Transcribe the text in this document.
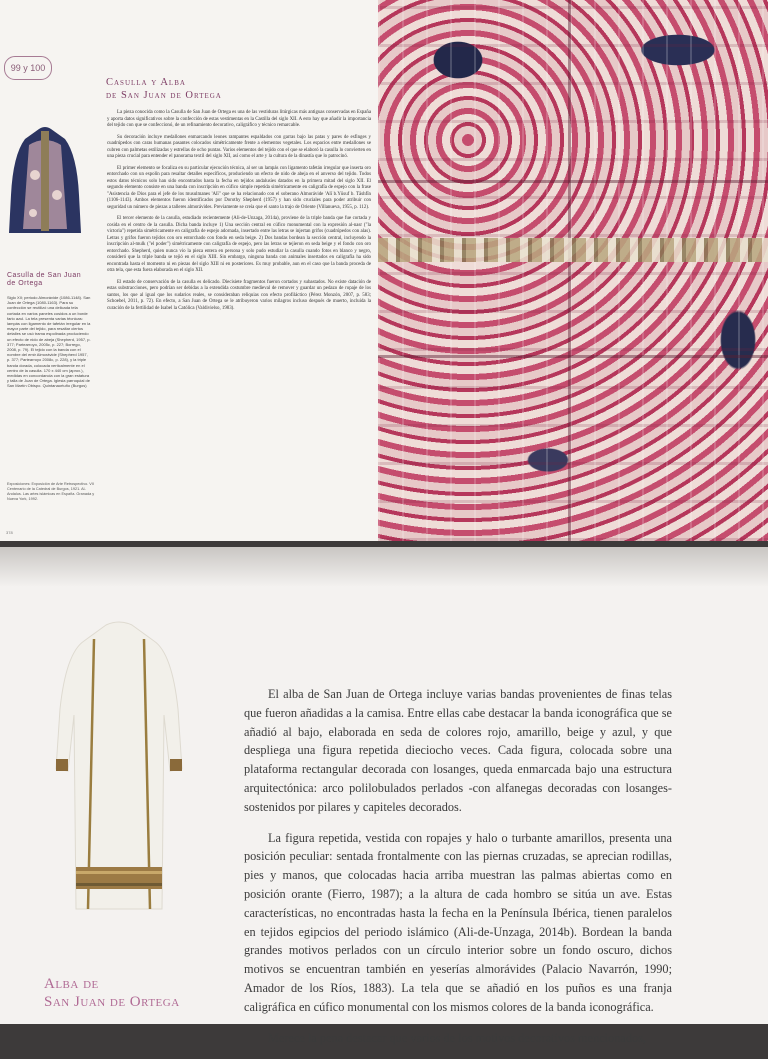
99 y 100
Casulla y Alba
de San Juan de Ortega
Casulla de San Juan de Ortega
Siglo XII; periodo Almorávide (1086-1148). San Juan de Ortega (1080-1163). Para su confección se reutilizó una delicada tela cortada en varios paneles cosidos a un borde fario azul. La tela presenta varias técnicas: lampás con ligamento de tafetán irregular en la mayor parte del tejido, para resaltar ciertos detalles se usó trama espolinada produciendo un efecto de nido de abeja (Shepherd, 1957, p. 377; Partearroyo, 2005c, p. 227; Borrego, 2008, p. 79). El tejido con la banda con el nombre del emir Almorávide (Shepherd 1957, p. 377; Partearroyo 2008c, p. 228), y la triple banda dorada, colocada verticalmente en el centro de la casulla. 170 x 440 cm (aprox.), medidas en concordancia con la gran estatura y talla de Juan de Ortega. Iglesia parroquial de San Martín Obispo. Quintanaortuño (Burgos)
Exposiciones: Exposición de Arte Retrospectivo. VII Centenario de la Catedral de Burgos, 1921. Al-Andalus. Las artes islámicas en España. Granada y Nueva York, 1992.

La pieza conocida como la Casulla de San Juan de Ortega es una de las vestiduras litúrgicas más antiguas conservadas en España y aporta datos significativos sobre la confección de estas vestimentas en la Castilla del siglo XII. A esto hay que añadir la importancia del tejido con que se confeccionó, de un refinamiento decorativo, caligráfico y técnico remarcable.

Su decoración incluye medallones enmarcando leones rampantes espaldados con garras bajo las patas y pares de esfinges y cuadrúpedos con caras humanas pasantes colocados simétricamente frente a elementos vegetales. Los espacios entre medallones se cubren con palmetas estilizadas y estrellas de ocho puntas. Varios elementos del tejido con el que se elaboró la casulla lo convierten en una pieza crucial para entender el panorama textil del siglo XII, así como el arte y la cultura de la dinastía que lo patrocinó.

El primer elemento se focaliza en su particular ejecución técnica, al ser un lampás con ligamento tafetán irregular que inserta oro entorchado con un espolín para resaltar detalles específicos, produciendo un efecto de nido de abeja en el anverso del tejido. Todos estos datos técnicos solo han sido encontrados hasta la fecha en tejidos andalusíes datados en la primera mitad del siglo XII. El segundo elemento consiste en una banda con inscripción en cúfico simple repetida simétricamente en caligrafía de espejo con la frase "Asistencia de Dios para el jefe de los musulmanes 'Alī" que se ha relacionado con el soberano Almorávide 'Alī b.Yūsuf b. Tāshfīn (1106-1143). Ambos elementos fueron identificados por Dorothy Shepherd (1957) y han sido cruciales para poder atribuir con seguridad un número de piezas a talleres almorávides. Previamente se creía que el santo la trajo de Oriente (Villanueva, 1955, p. 112).

El tercer elemento de la casulla, estudiado recientemente (Ali-de-Unzaga, 2014a), proviene de la triple banda que fue cortada y cosida en el centro de la casulla. Dicha banda incluye 1) Una sección central en cúfico monumental con la expresión al-nasr ("la victoria") repetida simétricamente en caligrafía de espejo adornada, insertado entre las letras se injertan grifos (cuadrúpedos con alas). Letras y grifos fueron tejidos con oro entorchado con fondo en seda beige. 2) Dos bandas bordean la sección central, incluyendo la inscripción al-mulk ("el poder") simétricamente con caligrafía de espejo, pero las letras se tejieron en seda beige y el fondo con oro entorchado. Shepherd, quien nunca vio la pieza entera en persona y solo pudo estudiar la casulla cuando fotos en blanco y negro, consideró que la triple banda se tejió en el siglo XIII. Sin embargo, ninguna banda con animales insertados en caligrafía ha sido encontrada hasta el momento ni en piezas del siglo XIII ni en posteriores. Es muy probable, aun en el caso que la banda proceda de otra tela, que esta fuera elaborada en el siglo XII.

El estado de conservación de la casulla es delicado. Diecisiete fragmentos fueron cortados y subastados. No existe datación de estas substracciones, pero podrían ser debidas a la extendida costumbre medieval de remover y guardar un pedazo de ropaje de los santos, los que al igual que los sudarios reales, se consideraban reliquias con efecto profiláctico (Pérez Monzón, 2007, p. 583; Schoebel, 2011, p. 72). En efecto, a San Juan de Ortega se le atribuyeron varios milagros incluso después de muerto, incluida la curación de la fertilidad de Isabel la Católica (Valdivielso, 1983).

378
Alba de
San Juan de Ortega

El alba de San Juan de Ortega incluye varias bandas provenientes de finas telas que fueron añadidas a la camisa. Entre ellas cabe destacar la banda iconográfica que se añadió al bajo, elaborada en seda de colores rojo, amarillo, beige y azul, y que despliega una figura repetida dieciocho veces. Cada figura, colocada sobre una plataforma rectangular decorada con losanges, queda enmarcada bajo una estructura arquitectónica: arco polilobulados perlados -con alfanegas decoradas con losanges- sostenidos por pilares y capiteles decorados.

La figura repetida, vestida con ropajes y halo o turbante amarillos, presenta una posición peculiar: sentada frontalmente con las piernas cruzadas, se aprecian rodillas, pies y manos, que colocadas hacia arriba muestran las palmas abiertas como en posición orante (Fierro, 1987); a la altura de cada hombro se sitúa un ave. Estas características, no encontradas hasta la fecha en la Península Ibérica, tienen paralelos en tejidos egipcios del periodo islámico (Ali-de-Unzaga, 2014b). Bordean la banda grandes motivos perlados con un círculo interior sobre un fondo oscuro, dichos motivos se encuentran también en yeserías almorávides (Palacio Navarrón, 1990; Amador de los Ríos, 1883). La tela que se añadió en los puños es una franja caligráfica en cúfico monumental con los mismos colores de la banda iconográfica.

Merece la pena destacar que varios de los motivos decorativos mencionados,
